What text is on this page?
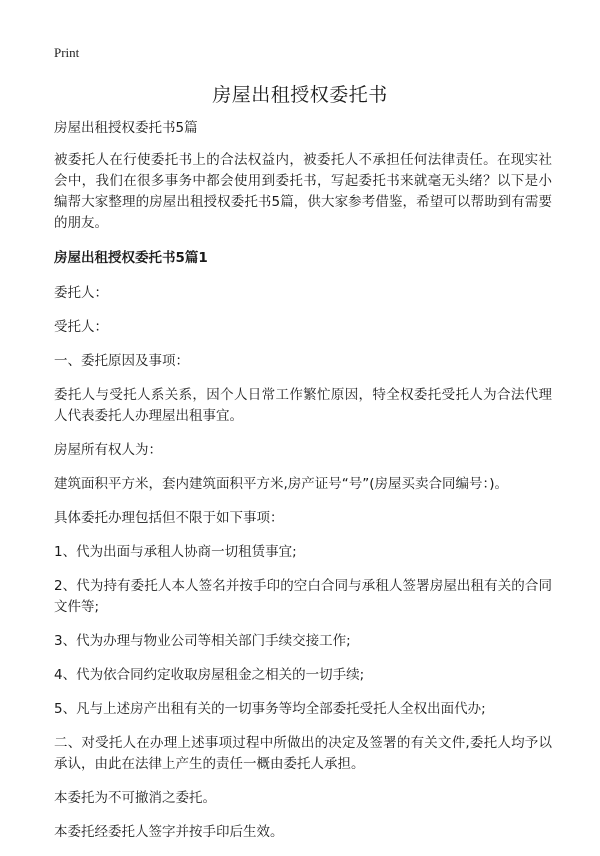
Print
房屋出租授权委托书

房屋出租授权委托书5篇

被委托人在行使委托书上的合法权益内，被委托人不承担任何法律责任。在现实社会中，我们在很多事务中都会使用到委托书，写起委托书来就毫无头绪？以下是小编帮大家整理的房屋出租授权委托书5篇，供大家参考借鉴，希望可以帮助到有需要的朋友。

房屋出租授权委托书5篇1

委托人：

受托人：

一、委托原因及事项：

委托人与受托人系关系，因个人日常工作繁忙原因，特全权委托受托人为合法代理人代表委托人办理屋出租事宜。

房屋所有权人为：

建筑面积平方米，套内建筑面积平方米,房产证号“号”(房屋买卖合同编号：)。

具体委托办理包括但不限于如下事项：

1、代为出面与承租人协商一切租赁事宜;

2、代为持有委托人本人签名并按手印的空白合同与承租人签署房屋出租有关的合同文件等;

3、代为办理与物业公司等相关部门手续交接工作;

4、代为依合同约定收取房屋租金之相关的一切手续;

5、凡与上述房产出租有关的一切事务等均全部委托受托人全权出面代办;

二、对受托人在办理上述事项过程中所做出的决定及签署的有关文件,委托人均予以承认，由此在法律上产生的责任一概由委托人承担。

本委托为不可撤消之委托。

本委托经委托人签字并按手印后生效。
